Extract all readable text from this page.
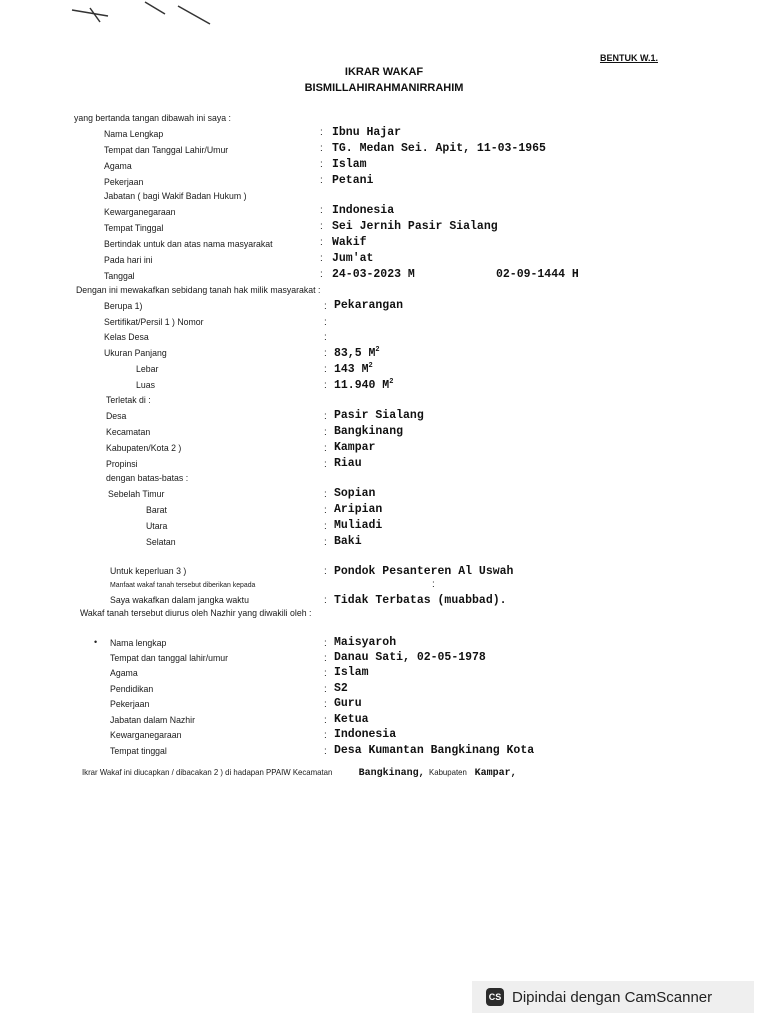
BENTUK W.1.
IKRAR WAKAF
BISMILLAHIRAHMANIRRAHIM
yang bertanda tangan dibawah ini saya :
Nama Lengkap	: Ibnu Hajar
Tempat dan Tanggal Lahir/Umur	: TG. Medan Sei. Apit, 11-03-1965
Agama	: Islam
Pekerjaan	: Petani
Jabatan ( bagi Wakif Badan Hukum )
Kewarganegaraan	: Indonesia
Tempat Tinggal	: Sei Jernih Pasir Sialang
Bertindak untuk dan atas nama masyarakat	: Wakif
Pada hari ini	: Jum'at
Tanggal	: 24-03-2023 M	02-09-1444 H
Dengan ini mewakafkan sebidang tanah hak milik masyarakat :
Berupa 1)	: Pekarangan
Sertifikat/Persil 1 ) Nomor	:
Kelas Desa	:
Ukuran Panjang	: 83,5 $M^2$
Lebar	: 143 $M^2$
Luas	: 11.940 $M^2$
Terletak di :
Desa	: Pasir Sialang
Kecamatan	: Bangkinang
Kabupaten/Kota 2 )	: Kampar
Propinsi	: Riau
dengan batas-batas :
Sebelah Timur	: Sopian
Barat	: Aripian
Utara	: Muliadi
Selatan	: Baki
Untuk keperluan 3 )	: Pondok Pesanteren Al Uswah
Manfaat wakaf tanah tersebut diberikan kepada	:
Saya wakafkan dalam jangka waktu	: Tidak Terbatas (muabbad).
Wakaf tanah tersebut diurus oleh Nazhir yang diwakili oleh :
• Nama lengkap	: Maisyaroh
Tempat dan tanggal lahir/umur	: Danau Sati, 02-05-1978
Agama	: Islam
Pendidikan	: S2
Pekerjaan	: Guru
Jabatan dalam Nazhir	: Ketua
Kewarganegaraan	: Indonesia
Tempat tinggal	: Desa Kumantan Bangkinang Kota
Ikrar Wakaf ini diucapkan / dibacakan 2 ) di hadapan PPAIW Kecamatan	Bangkinang, Kabupaten Kampar,
CS Dipindai dengan CamScanner
